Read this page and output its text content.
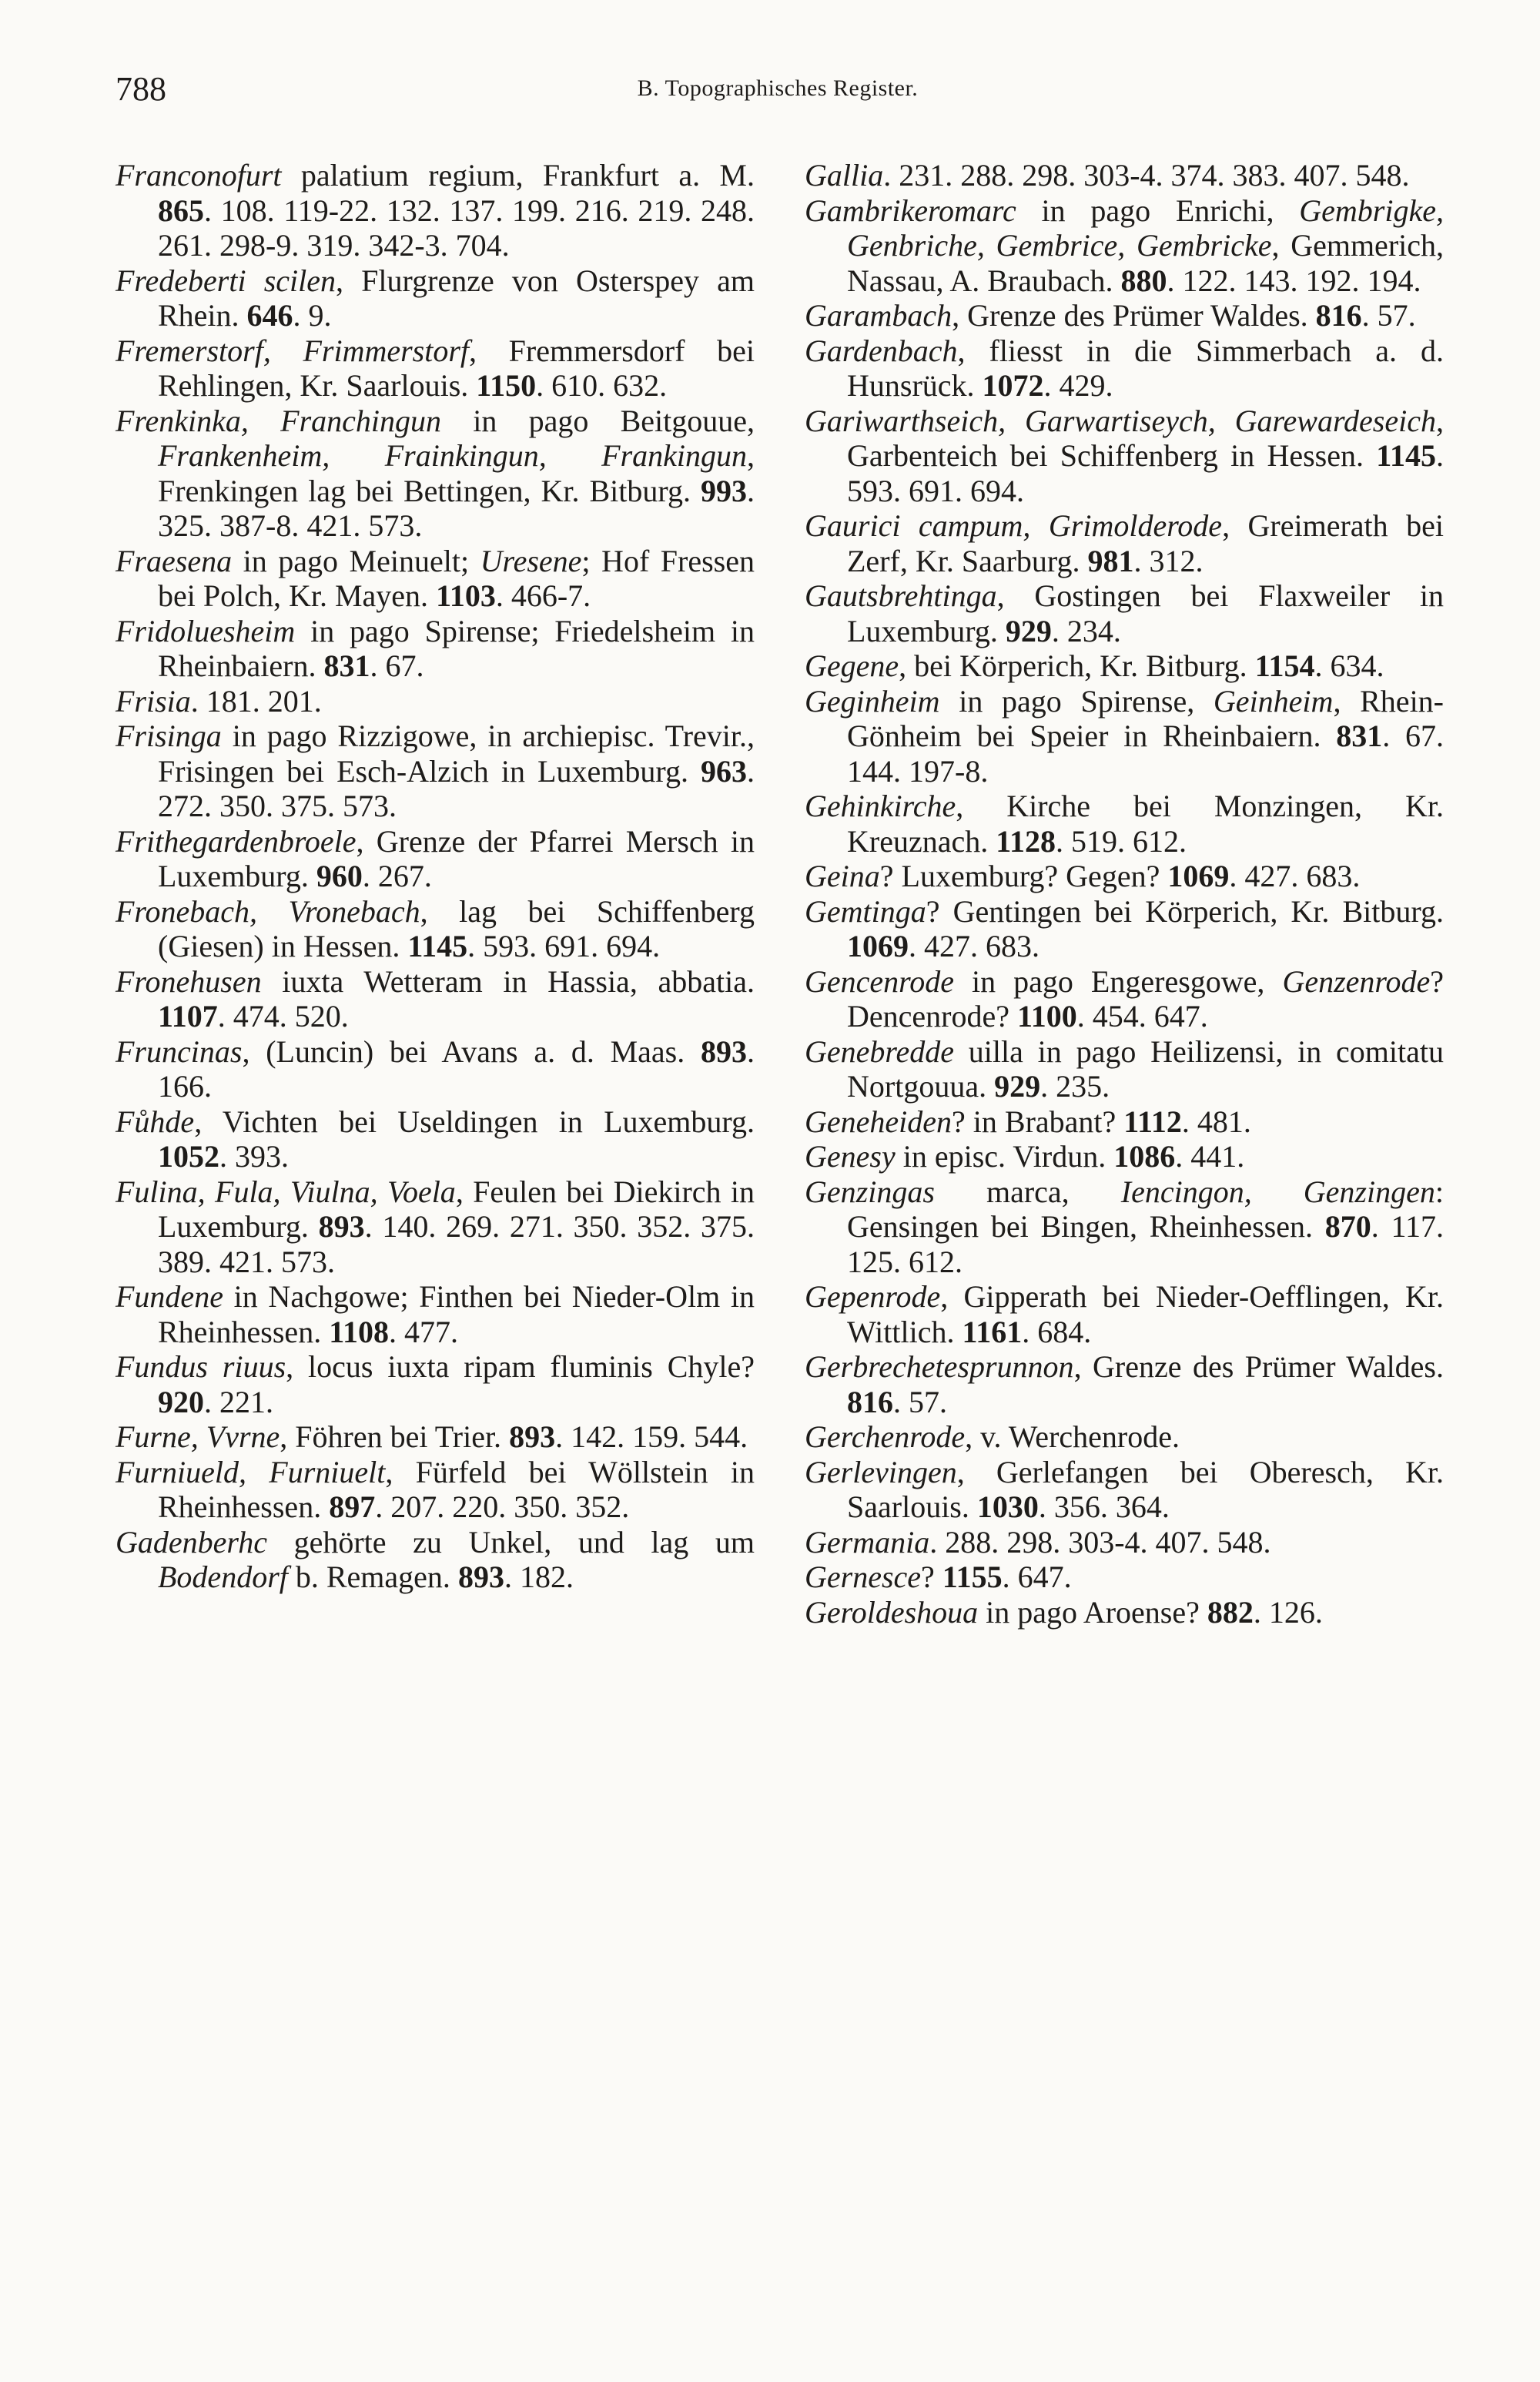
788	B. Topographisches Register.

Franconofurt palatium regium, Frankfurt a. M. 865. 108. 119-22. 132. 137. 199. 216. 219. 248. 261. 298-9. 319. 342-3. 704.

Fredeberti scilen, Flurgrenze von Osterspey am Rhein. 646. 9.

Fremerstorf, Frimmerstorf, Fremmersdorf bei Rehlingen, Kr. Saarlouis. 1150. 610. 632.

Frenkinka, Franchingun in pago Beitgouue, Frankenheim, Frainkingun, Frankingun, Frenkingen lag bei Bettingen, Kr. Bitburg. 993. 325. 387-8. 421. 573.

Fraesena in pago Meinuelt; Uresene; Hof Fressen bei Polch, Kr. Mayen. 1103. 466-7.

Fridoluesheim in pago Spirense; Friedelsheim in Rheinbaiern. 831. 67.

Frisia. 181. 201.

Frisinga in pago Rizzigowe, in archiepisc. Trevir., Frisingen bei Esch-Alzich in Luxemburg. 963. 272. 350. 375. 573.

Frithegardenbroele, Grenze der Pfarrei Mersch in Luxemburg. 960. 267.

Fronebach, Vronebach, lag bei Schiffenberg (Giesen) in Hessen. 1145. 593. 691. 694.

Fronehusen iuxta Wetteram in Hassia, abbatia. 1107. 474. 520.

Fruncinas, (Luncin) bei Avans a. d. Maas. 893. 166.

Fůhde, Vichten bei Useldingen in Luxemburg. 1052. 393.

Fulina, Fula, Viulna, Voela, Feulen bei Diekirch in Luxemburg. 893. 140. 269. 271. 350. 352. 375. 389. 421. 573.

Fundene in Nachgowe; Finthen bei Nieder-Olm in Rheinhessen. 1108. 477.

Fundus riuus, locus iuxta ripam fluminis Chyle? 920. 221.

Furne, Vvrne, Föhren bei Trier. 893. 142. 159. 544.

Furniueld, Furniuelt, Fürfeld bei Wöllstein in Rheinhessen. 897. 207. 220. 350. 352.

Gadenberhc gehörte zu Unkel, und lag um Bodendorf b. Remagen. 893. 182.

Gallia. 231. 288. 298. 303-4. 374. 383. 407. 548.

Gambrikeromarc in pago Enrichi, Gembrigke, Genbriche, Gembrice, Gembricke, Gemmerich, Nassau, A. Braubach. 880. 122. 143. 192. 194.

Garambach, Grenze des Prümer Waldes. 816. 57.

Gardenbach, fliesst in die Simmerbach a. d. Hunsrück. 1072. 429.

Gariwarthseich, Garwartiseych, Garewardeseich, Garbenteich bei Schiffenberg in Hessen. 1145. 593. 691. 694.

Gaurici campum, Grimolderode, Greimerath bei Zerf, Kr. Saarburg. 981. 312.

Gautsbrehtinga, Gostingen bei Flaxweiler in Luxemburg. 929. 234.

Gegene, bei Körperich, Kr. Bitburg. 1154. 634.

Geginheim in pago Spirense, Geinheim, Rhein-Gönheim bei Speier in Rheinbaiern. 831. 67. 144. 197-8.

Gehinkirche, Kirche bei Monzingen, Kr. Kreuznach. 1128. 519. 612.

Geina? Luxemburg? Gegen? 1069. 427. 683.

Gemtinga? Gentingen bei Körperich, Kr. Bitburg. 1069. 427. 683.

Gencenrode in pago Engeresgowe, Genzenrode? Dencenrode? 1100. 454. 647.

Genebredde uilla in pago Heilizensi, in comitatu Nortgouua. 929. 235.

Geneheiden? in Brabant? 1112. 481.

Genesy in episc. Virdun. 1086. 441.

Genzingas marca, Iencingon, Genzingen: Gensingen bei Bingen, Rheinhessen. 870. 117. 125. 612.

Gepenrode, Gipperath bei Nieder-Oefflingen, Kr. Wittlich. 1161. 684.

Gerbrechetesprunnon, Grenze des Prümer Waldes. 816. 57.

Gerchenrode, v. Werchenrode.

Gerlevingen, Gerlefangen bei Oberesch, Kr. Saarlouis. 1030. 356. 364.

Germania. 288. 298. 303-4. 407. 548.

Gernesce? 1155. 647.

Geroldeshoua in pago Aroense? 882. 126.
